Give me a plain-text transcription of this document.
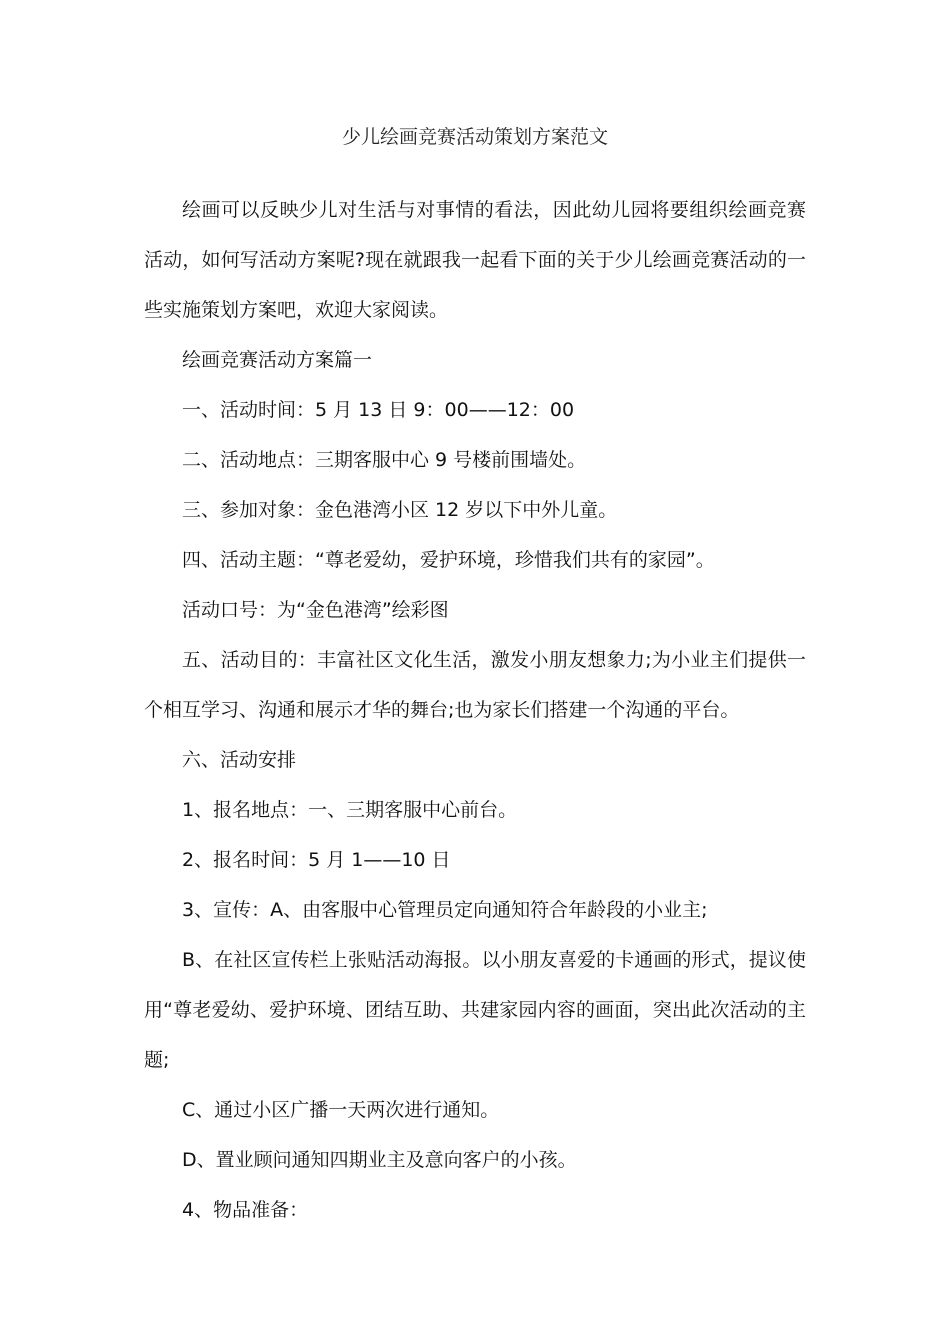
少儿绘画竞赛活动策划方案范文

绘画可以反映少儿对生活与对事情的看法，因此幼儿园将要组织绘画竞赛活动，如何写活动方案呢?现在就跟我一起看下面的关于少儿绘画竞赛活动的一些实施策划方案吧，欢迎大家阅读。

绘画竞赛活动方案篇一

一、活动时间：5 月 13 日 9：00——12：00

二、活动地点：三期客服中心 9 号楼前围墙处。

三、参加对象：金色港湾小区 12 岁以下中外儿童。

四、活动主题：“尊老爱幼，爱护环境，珍惜我们共有的家园”。

活动口号：为“金色港湾”绘彩图

五、活动目的：丰富社区文化生活，激发小朋友想象力;为小业主们提供一个相互学习、沟通和展示才华的舞台;也为家长们搭建一个沟通的平台。

六、活动安排

1、报名地点：一、三期客服中心前台。

2、报名时间：5 月 1——10 日

3、宣传：A、由客服中心管理员定向通知符合年龄段的小业主;

B、在社区宣传栏上张贴活动海报。以小朋友喜爱的卡通画的形式，提议使用“尊老爱幼、爱护环境、团结互助、共建家园内容的画面，突出此次活动的主题;

C、通过小区广播一天两次进行通知。

D、置业顾问通知四期业主及意向客户的小孩。

4、物品准备：
